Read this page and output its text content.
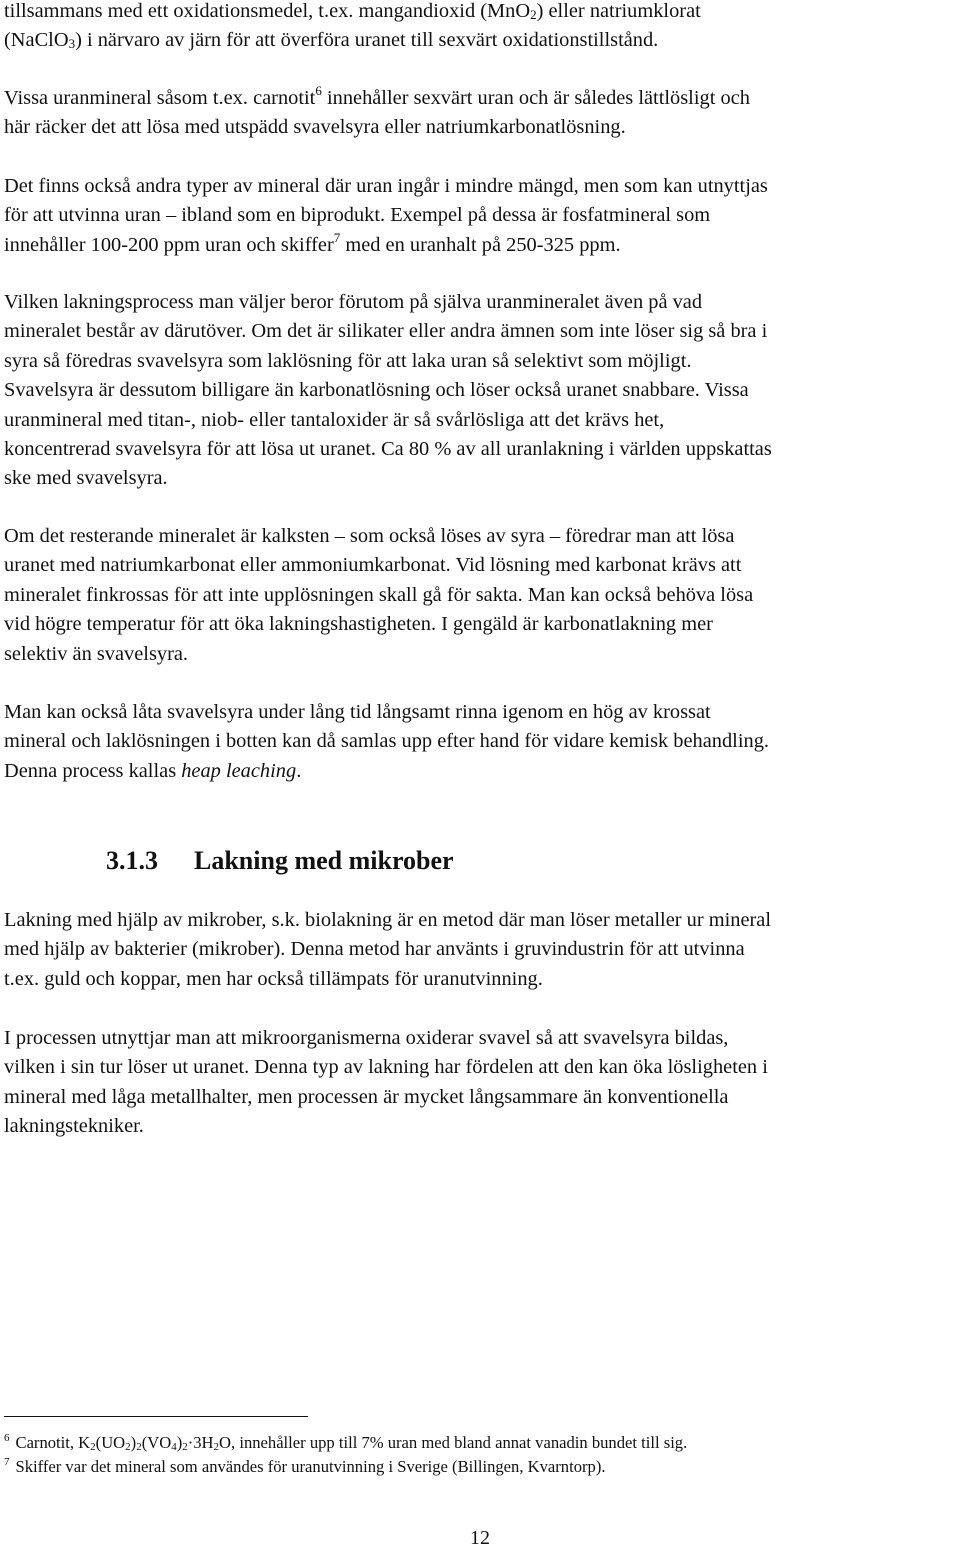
tillsammans med ett oxidationsmedel, t.ex. mangandioxid (MnO2) eller natriumklorat
(NaClO3) i närvaro av järn för att överföra uranet till sexvärt oxidationstillstånd.

Vissa uranmineral såsom t.ex. carnotit$^6$ innehåller sexvärt uran och är således lättlösligt och
här räcker det att lösa med utspädd svavelsyra eller natriumkarbonatlösning.

Det finns också andra typer av mineral där uran ingår i mindre mängd, men som kan utnyttjas
för att utvinna uran – ibland som en biprodukt. Exempel på dessa är fosfatmineral som
innehåller 100-200 ppm uran och skiffer$^7$ med en uranhalt på 250-325 ppm.

Vilken lakningsprocess man väljer beror förutom på själva uranmineralet även på vad
mineralet består av därutöver. Om det är silikater eller andra ämnen som inte löser sig så bra i
syra så föredras svavelsyra som laklösning för att laka uran så selektivt som möjligt.
Svavelsyra är dessutom billigare än karbonatlösning och löser också uranet snabbare. Vissa
uranmineral med titan-, niob- eller tantaloxider är så svårlösliga att det krävs het,
koncentrerad svavelsyra för att lösa ut uranet. Ca 80 % av all uranlakning i världen uppskattas
ske med svavelsyra.

Om det resterande mineralet är kalksten – som också löses av syra – föredrar man att lösa
uranet med natriumkarbonat eller ammoniumkarbonat. Vid lösning med karbonat krävs att
mineralet finkrossas för att inte upplösningen skall gå för sakta. Man kan också behöva lösa
vid högre temperatur för att öka lakningshastigheten. I gengäld är karbonatlakning mer
selektiv än svavelsyra.

Man kan också låta svavelsyra under lång tid långsamt rinna igenom en hög av krossat
mineral och laklösningen i botten kan då samlas upp efter hand för vidare kemisk behandling.
Denna process kallas heap leaching.

3.1.3 Lakning med mikrober

Lakning med hjälp av mikrober, s.k. biolakning är en metod där man löser metaller ur mineral
med hjälp av bakterier (mikrober). Denna metod har använts i gruvindustrin för att utvinna
t.ex. guld och koppar, men har också tillämpats för uranutvinning.

I processen utnyttjar man att mikroorganismerna oxiderar svavel så att svavelsyra bildas,
vilken i sin tur löser ut uranet. Denna typ av lakning har fördelen att den kan öka lösligheten i
mineral med låga metallhalter, men processen är mycket långsammare än konventionella
lakningstekniker.

$^6$ Carnotit, K2(UO2)2(VO4)2·3H2O, innehåller upp till 7% uran med bland annat vanadin bundet till sig.
$^7$ Skiffer var det mineral som användes för uranutvinning i Sverige (Billingen, Kvarntorp).
12
